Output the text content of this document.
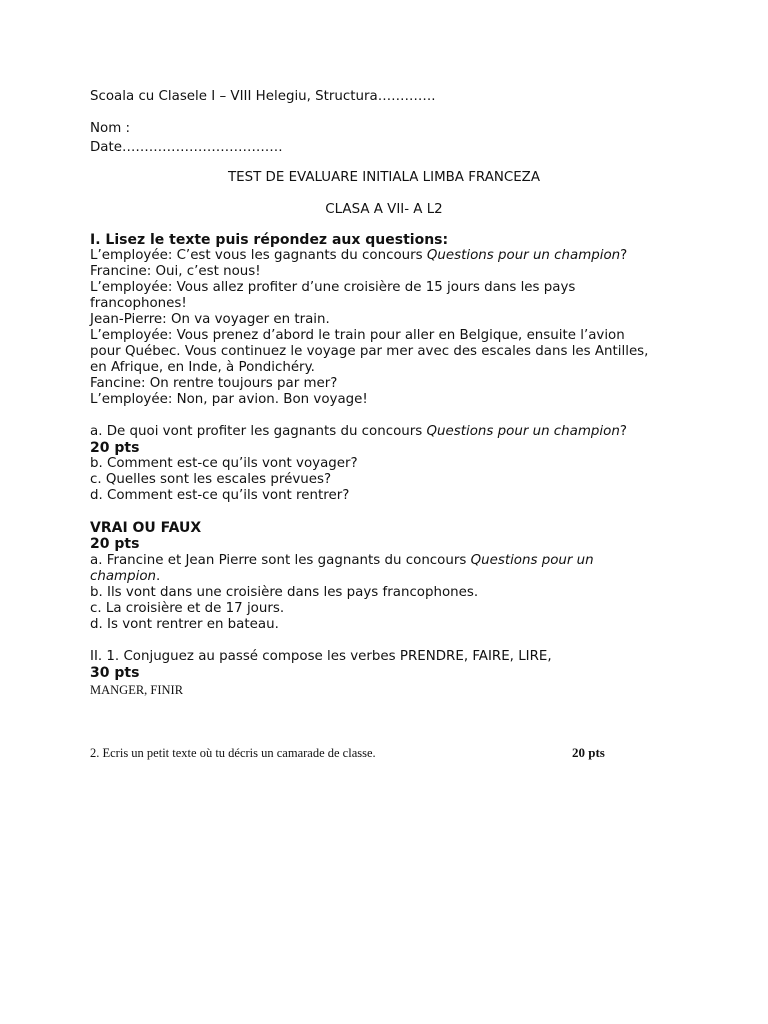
Scoala cu Clasele I – VIII Helegiu, Structura………….
Nom :
Date………………………………
TEST DE EVALUARE INITIALA LIMBA FRANCEZA
CLASA A VII- A L2
I. Lisez le texte puis répondez aux questions:
L’employée: C’est vous les gagnants du concours Questions pour un champion?
Francine: Oui, c’est nous!
L’employée: Vous allez profiter d’une croisière de 15 jours dans les pays
francophones!
Jean-Pierre: On va voyager en train.
L’employée: Vous prenez d’abord le train pour aller en Belgique, ensuite l’avion
pour Québec. Vous continuez le voyage par mer avec des escales dans les Antilles,
en Afrique, en Inde, à Pondichéry.
Fancine: On rentre toujours par mer?
L’employée: Non, par avion. Bon voyage!
a. De quoi vont profiter les gagnants du concours Questions pour un champion?
20 pts
b. Comment est-ce qu’ils vont voyager?
c. Quelles sont les escales prévues?
d. Comment est-ce qu’ils vont rentrer?
VRAI OU FAUX
20 pts
a. Francine et Jean Pierre sont les gagnants du concours Questions pour un
champion.
b. Ils vont dans une croisière dans les pays francophones.
c. La croisière et de 17 jours.
d. Is vont rentrer en bateau.
II. 1. Conjuguez au passé compose les verbes PRENDRE, FAIRE, LIRE,
30 pts
MANGER, FINIR
2. Ecris un petit texte où tu décris un camarade de classe.	20 pts
